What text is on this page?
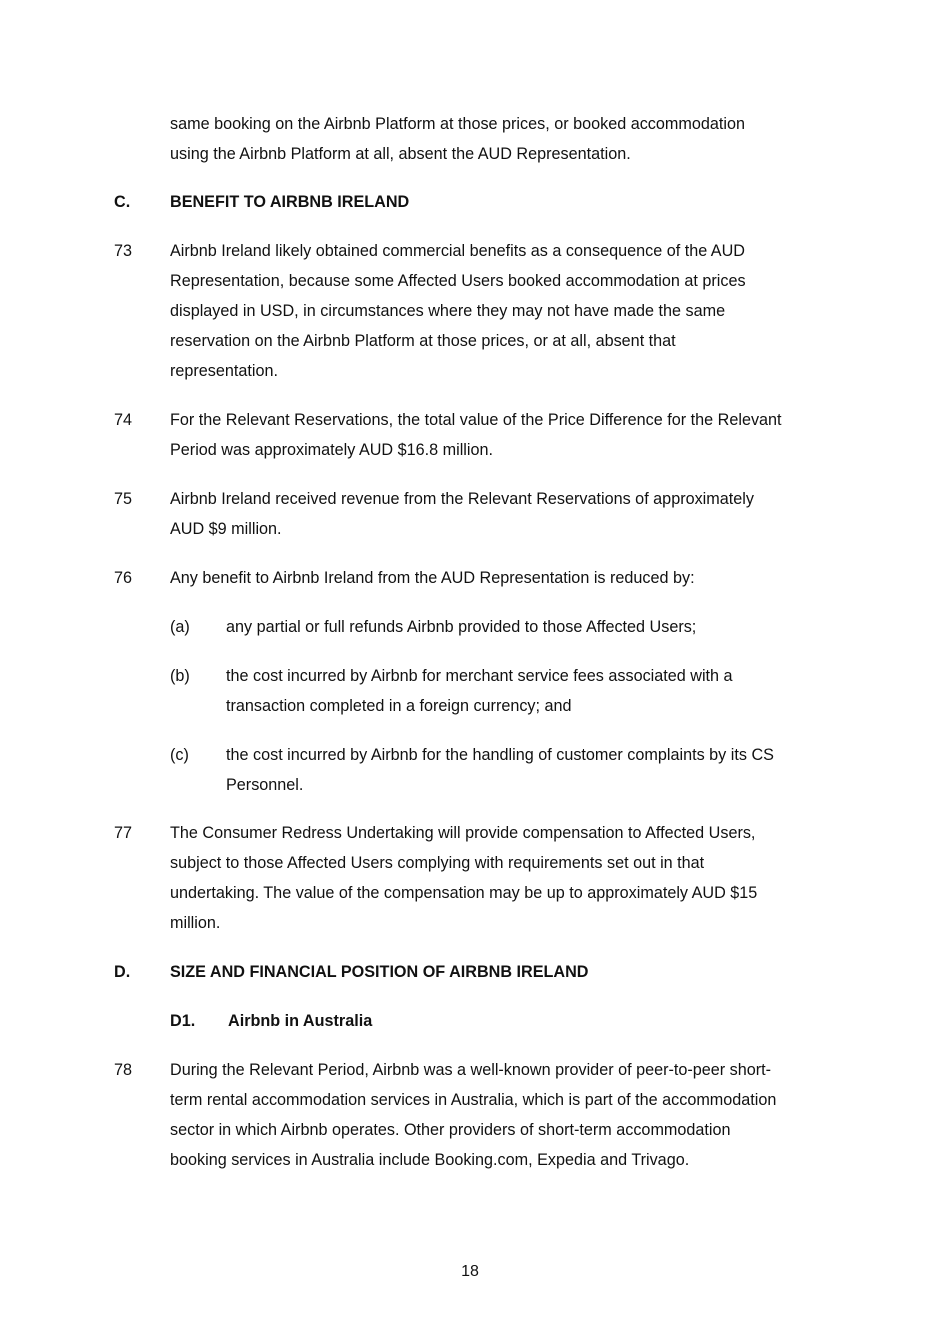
same booking on the Airbnb Platform at those prices, or booked accommodation
using the Airbnb Platform at all, absent the AUD Representation.
C. BENEFIT TO AIRBNB IRELAND
73 Airbnb Ireland likely obtained commercial benefits as a consequence of the AUD
Representation, because some Affected Users booked accommodation at prices
displayed in USD, in circumstances where they may not have made the same
reservation on the Airbnb Platform at those prices, or at all, absent that
representation.
74 For the Relevant Reservations, the total value of the Price Difference for the Relevant
Period was approximately AUD $16.8 million.
75 Airbnb Ireland received revenue from the Relevant Reservations of approximately
AUD $9 million.
76 Any benefit to Airbnb Ireland from the AUD Representation is reduced by:
(a) any partial or full refunds Airbnb provided to those Affected Users;
(b) the cost incurred by Airbnb for merchant service fees associated with a
transaction completed in a foreign currency; and
(c) the cost incurred by Airbnb for the handling of customer complaints by its CS
Personnel.
77 The Consumer Redress Undertaking will provide compensation to Affected Users,
subject to those Affected Users complying with requirements set out in that
undertaking. The value of the compensation may be up to approximately AUD $15
million.
D. SIZE AND FINANCIAL POSITION OF AIRBNB IRELAND
D1. Airbnb in Australia
78 During the Relevant Period, Airbnb was a well-known provider of peer-to-peer short-
term rental accommodation services in Australia, which is part of the accommodation
sector in which Airbnb operates. Other providers of short-term accommodation
booking services in Australia include Booking.com, Expedia and Trivago.
18
